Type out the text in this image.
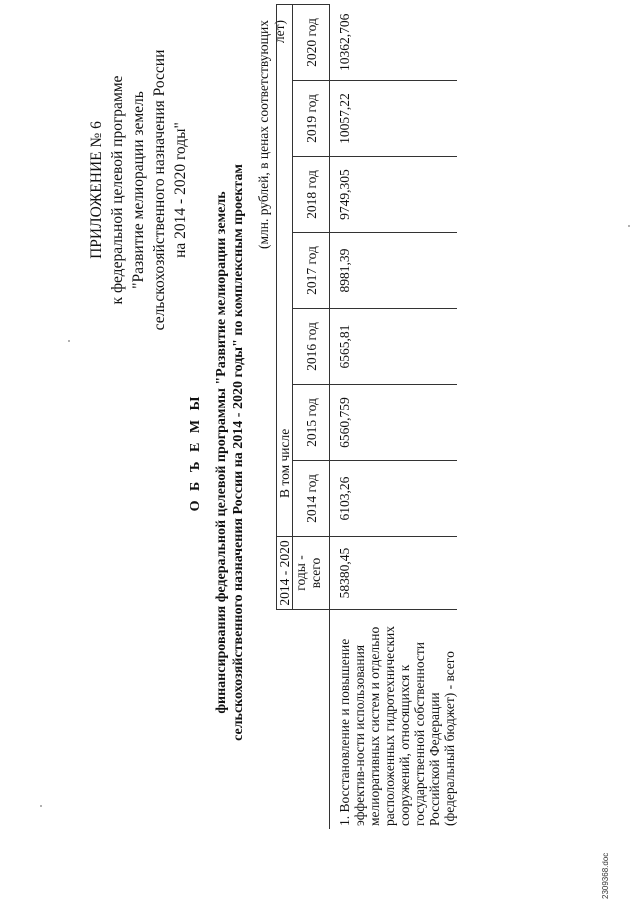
ПРИЛОЖЕНИЕ № 6 к федеральной целевой программе "Развитие мелиорации земель сельскохозяйственного назначения России на 2014 - 2020 годы"
О Б Ъ Е М Ы финансирования федеральной целевой программы "Развитие мелиорации земель сельскохозяйственного назначения России на 2014 - 2020 годы" по комплексным проектам
(млн. рублей, в ценах соответствующих лет)
	2014 - 2020	В том числе						
	годы - всего	2014 год	2015 год	2016 год	2017 год	2018 год	2019 год	2020 год
1. Восстановление и повышение эффектив-ности использования мелиоративных систем и отдельно расположенных гидротехнических сооружений, относящихся к государственной собственности Российской Федерации (федеральный бюджет) - всего	58380,45	6103,26	6560,759	6565,81	8981,39	9749,305	10057,22	10362,706
2309368.doc
